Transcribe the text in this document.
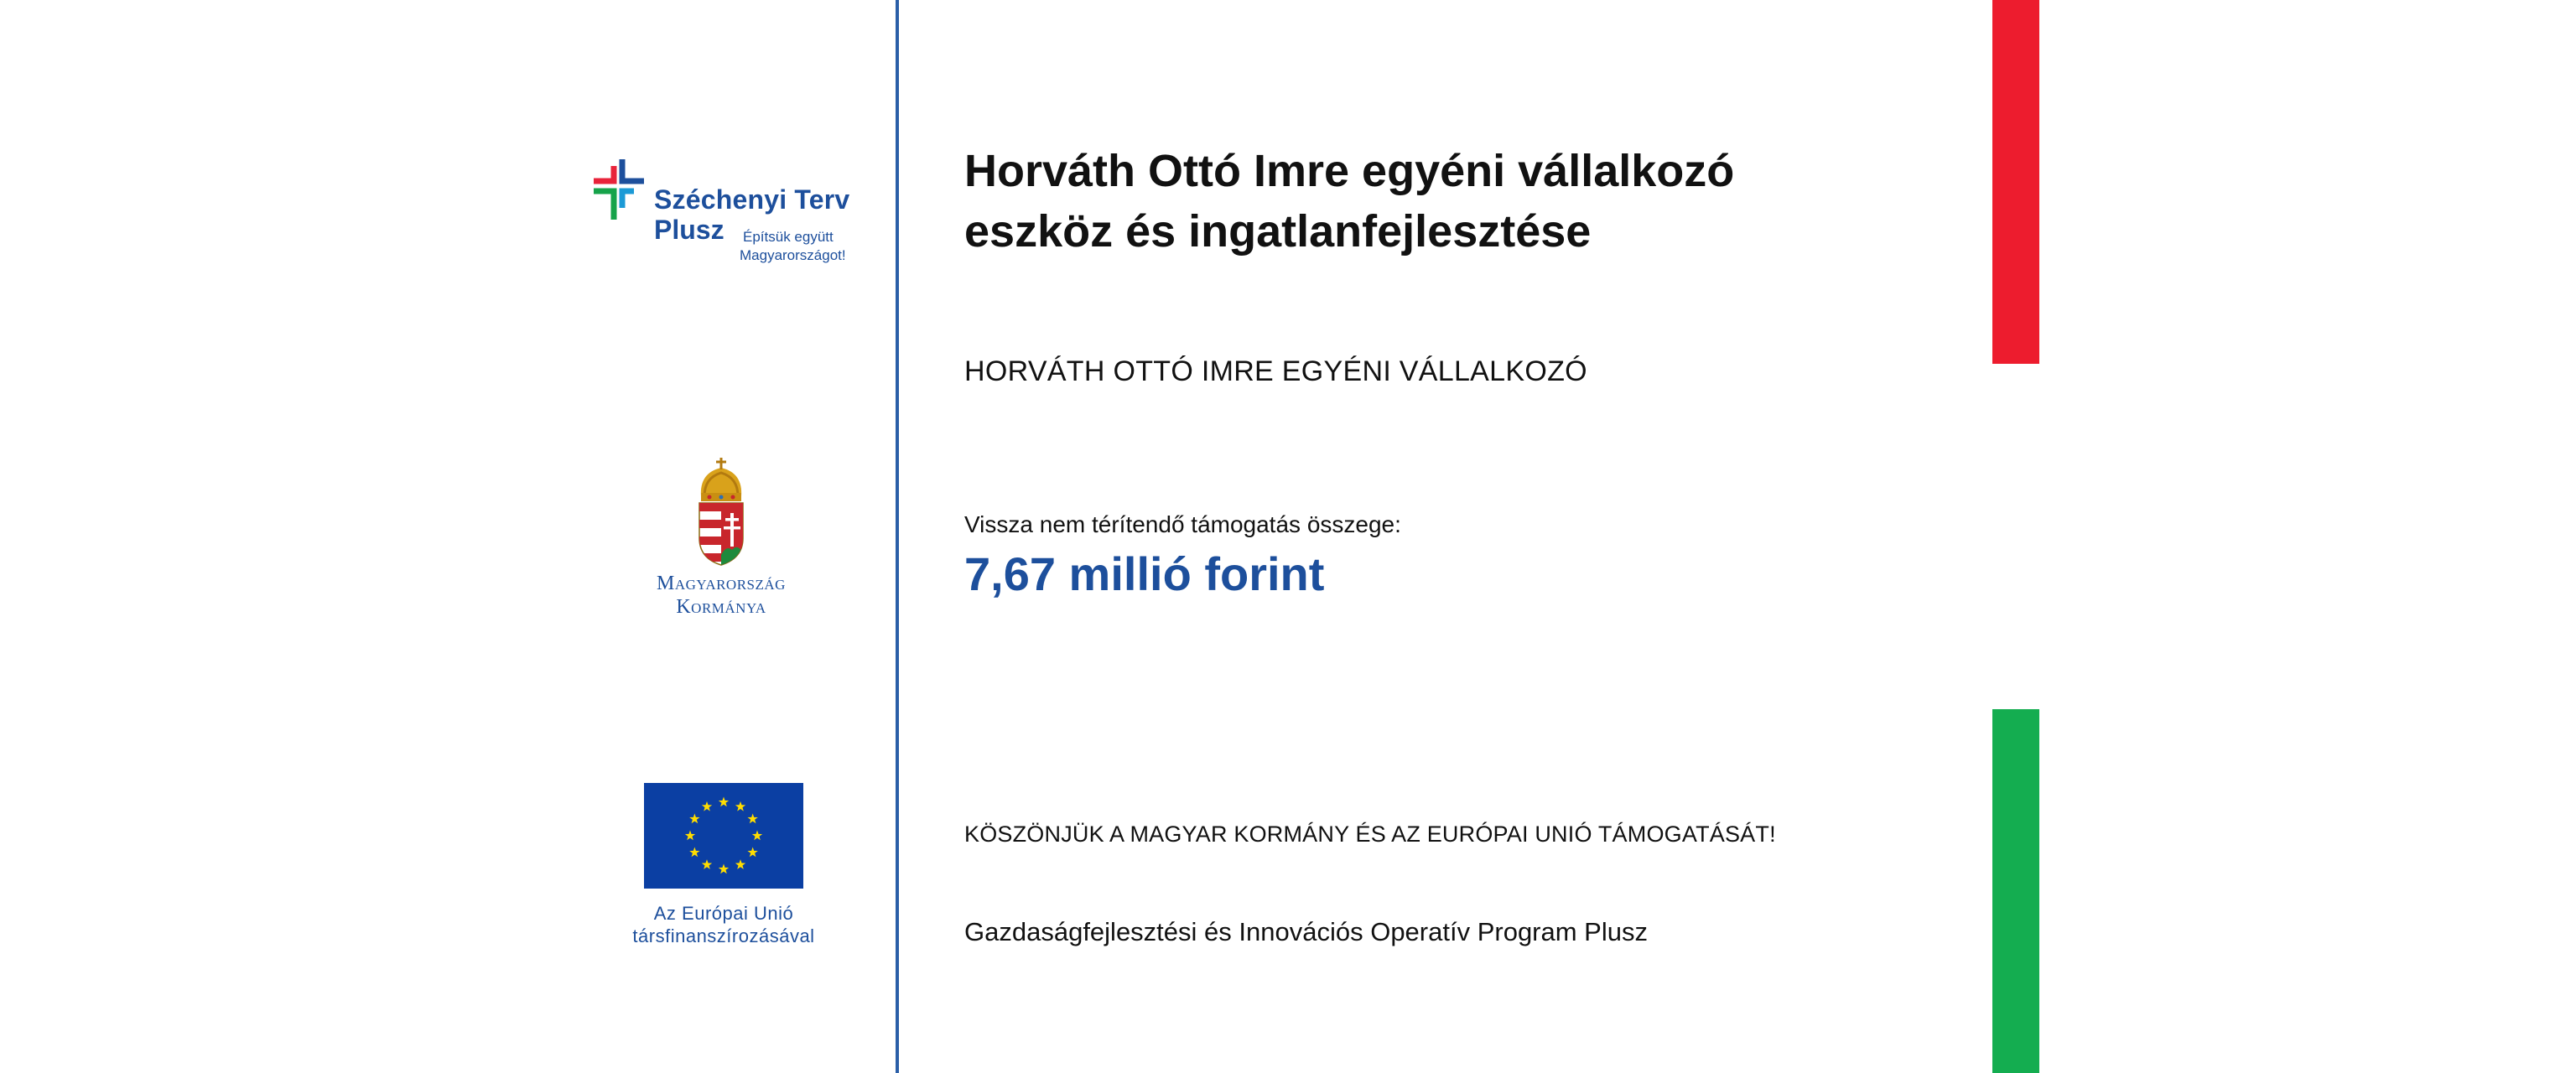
Széchenyi Terv
Plusz Építsük együtt
Magyarországot!
Magyarország
Kormánya
Az Európai Unió
társfinanszírozásával
Horváth Ottó Imre egyéni vállalkozó
eszköz és ingatlanfejlesztése
HORVÁTH OTTÓ IMRE EGYÉNI VÁLLALKOZÓ
Vissza nem térítendő támogatás összege:
7,67 millió forint
KÖSZÖNJÜK A MAGYAR KORMÁNY ÉS AZ EURÓPAI UNIÓ TÁMOGATÁSÁT!
Gazdaságfejlesztési és Innovációs Operatív Program Plusz
